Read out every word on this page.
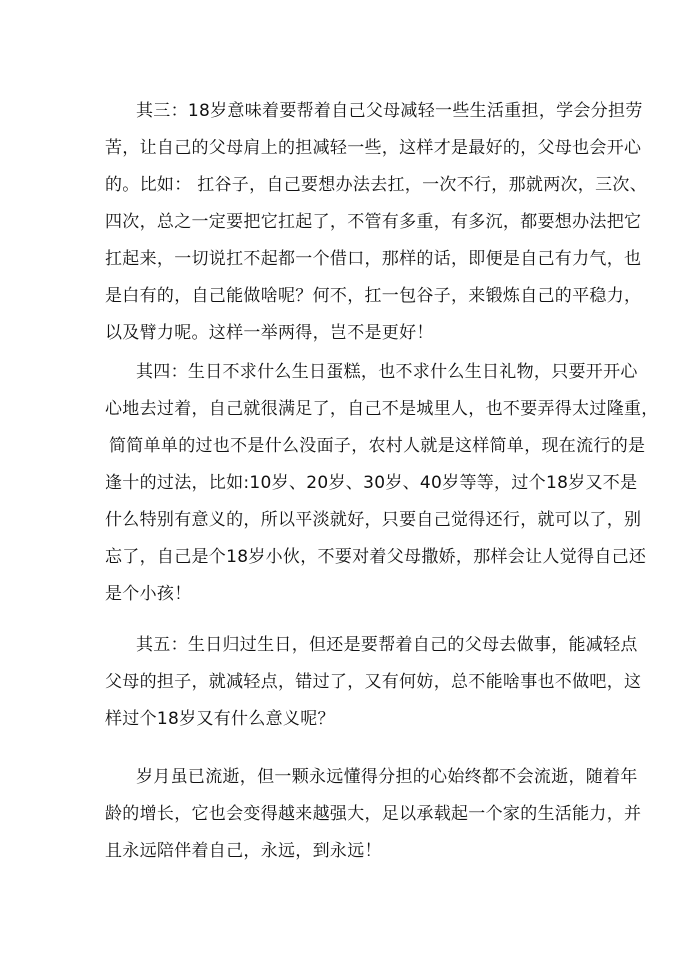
其三：18岁意味着要帮着自己父母减轻一些生活重担，学会分担劳
苦，让自己的父母肩上的担减轻一些，这样才是最好的，父母也会开心
的。比如： 扛谷子，自己要想办法去扛，一次不行，那就两次，三次、
四次，总之一定要把它扛起了，不管有多重，有多沉，都要想办法把它
扛起来，一切说扛不起都一个借口，那样的话，即便是自己有力气，也
是白有的，自己能做啥呢？何不，扛一包谷子，来锻炼自己的平稳力，
以及臂力呢。这样一举两得，岂不是更好！
其四：生日不求什么生日蛋糕，也不求什么生日礼物，只要开开心
心地去过着，自己就很满足了，自己不是城里人，也不要弄得太过隆重，
简简单单的过也不是什么没面子，农村人就是这样简单，现在流行的是
逢十的过法，比如:10岁、20岁、30岁、40岁等等，过个18岁又不是
什么特别有意义的，所以平淡就好，只要自己觉得还行，就可以了，别
忘了，自己是个18岁小伙，不要对着父母撒娇，那样会让人觉得自己还
是个小孩！
其五：生日归过生日，但还是要帮着自己的父母去做事，能减轻点
父母的担子，就减轻点，错过了，又有何妨，总不能啥事也不做吧，这
样过个18岁又有什么意义呢？
岁月虽已流逝，但一颗永远懂得分担的心始终都不会流逝，随着年
龄的增长，它也会变得越来越强大，足以承载起一个家的生活能力，并
且永远陪伴着自己，永远，到永远！
